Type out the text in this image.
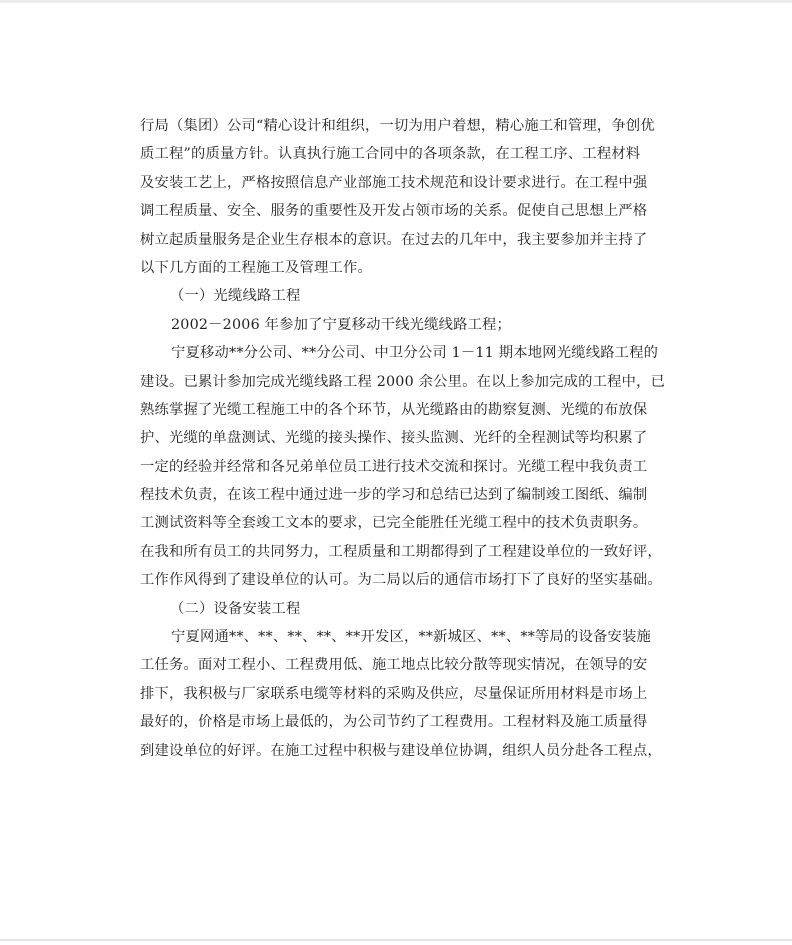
行局（集团）公司“精心设计和组织，一切为用户着想，精心施工和管理，争创优
质工程”的质量方针。认真执行施工合同中的各项条款，在工程工序、工程材料
及安装工艺上，严格按照信息产业部施工技术规范和设计要求进行。在工程中强
调工程质量、安全、服务的重要性及开发占领市场的关系。促使自己思想上严格
树立起质量服务是企业生存根本的意识。在过去的几年中，我主要参加并主持了
以下几方面的工程施工及管理工作。
（一）光缆线路工程
2002－2006 年参加了宁夏移动干线光缆线路工程；
宁夏移动**分公司、**分公司、中卫分公司 1－11 期本地网光缆线路工程的
建设。已累计参加完成光缆线路工程 2000 余公里。在以上参加完成的工程中，已
熟练掌握了光缆工程施工中的各个环节，从光缆路由的勘察复测、光缆的布放保
护、光缆的单盘测试、光缆的接头操作、接头监测、光纤的全程测试等均积累了
一定的经验并经常和各兄弟单位员工进行技术交流和探讨。光缆工程中我负责工
程技术负责，在该工程中通过进一步的学习和总结已达到了编制竣工图纸、编制
工测试资料等全套竣工文本的要求，已完全能胜任光缆工程中的技术负责职务。
在我和所有员工的共同努力，工程质量和工期都得到了工程建设单位的一致好评，
工作作风得到了建设单位的认可。为二局以后的通信市场打下了良好的坚实基础。
（二）设备安装工程
宁夏网通**、**、**、**、**开发区，**新城区、**、**等局的设备安装施
工任务。面对工程小、工程费用低、施工地点比较分散等现实情况，在领导的安
排下，我积极与厂家联系电缆等材料的采购及供应，尽量保证所用材料是市场上
最好的，价格是市场上最低的，为公司节约了工程费用。工程材料及施工质量得
到建设单位的好评。在施工过程中积极与建设单位协调，组织人员分赴各工程点，
